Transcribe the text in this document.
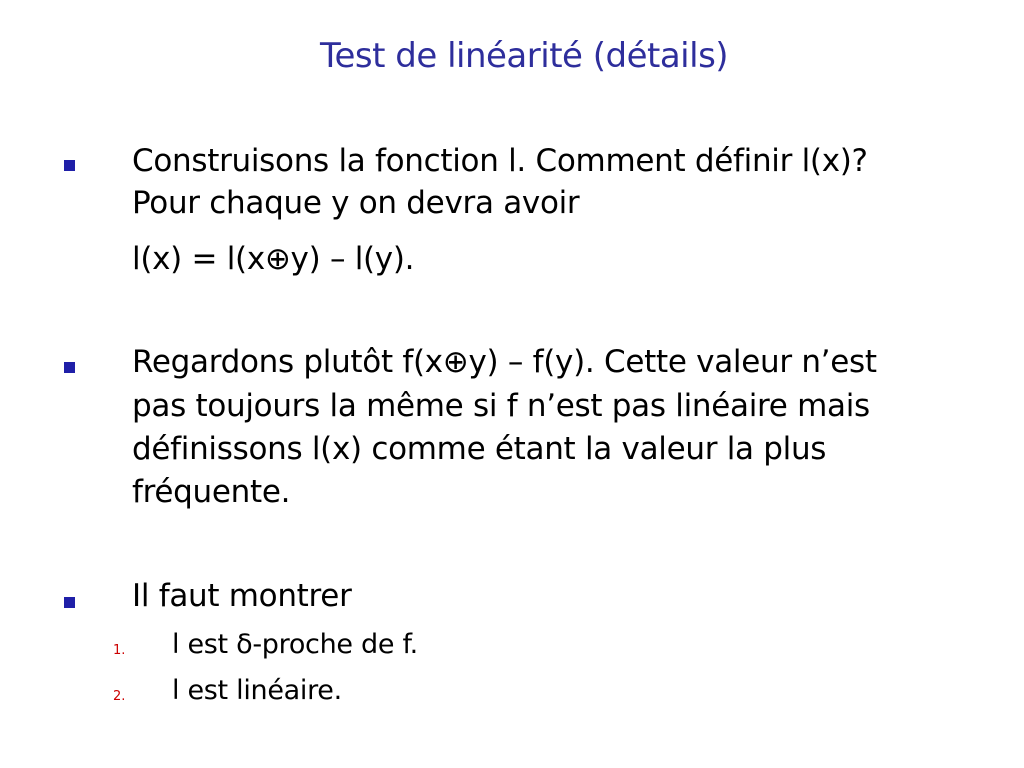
Test de linéarité (détails)
Construisons la fonction l. Comment définir l(x)?
Pour chaque y on devra avoir
l(x) = l(x⊕y) – l(y).
Regardons plutôt f(x⊕y) – f(y). Cette valeur n’est
pas toujours la même si f n’est pas linéaire mais
définissons l(x) comme étant la valeur la plus
fréquente.
Il faut montrer
1. l est δ-proche de f.
2. l est linéaire.
